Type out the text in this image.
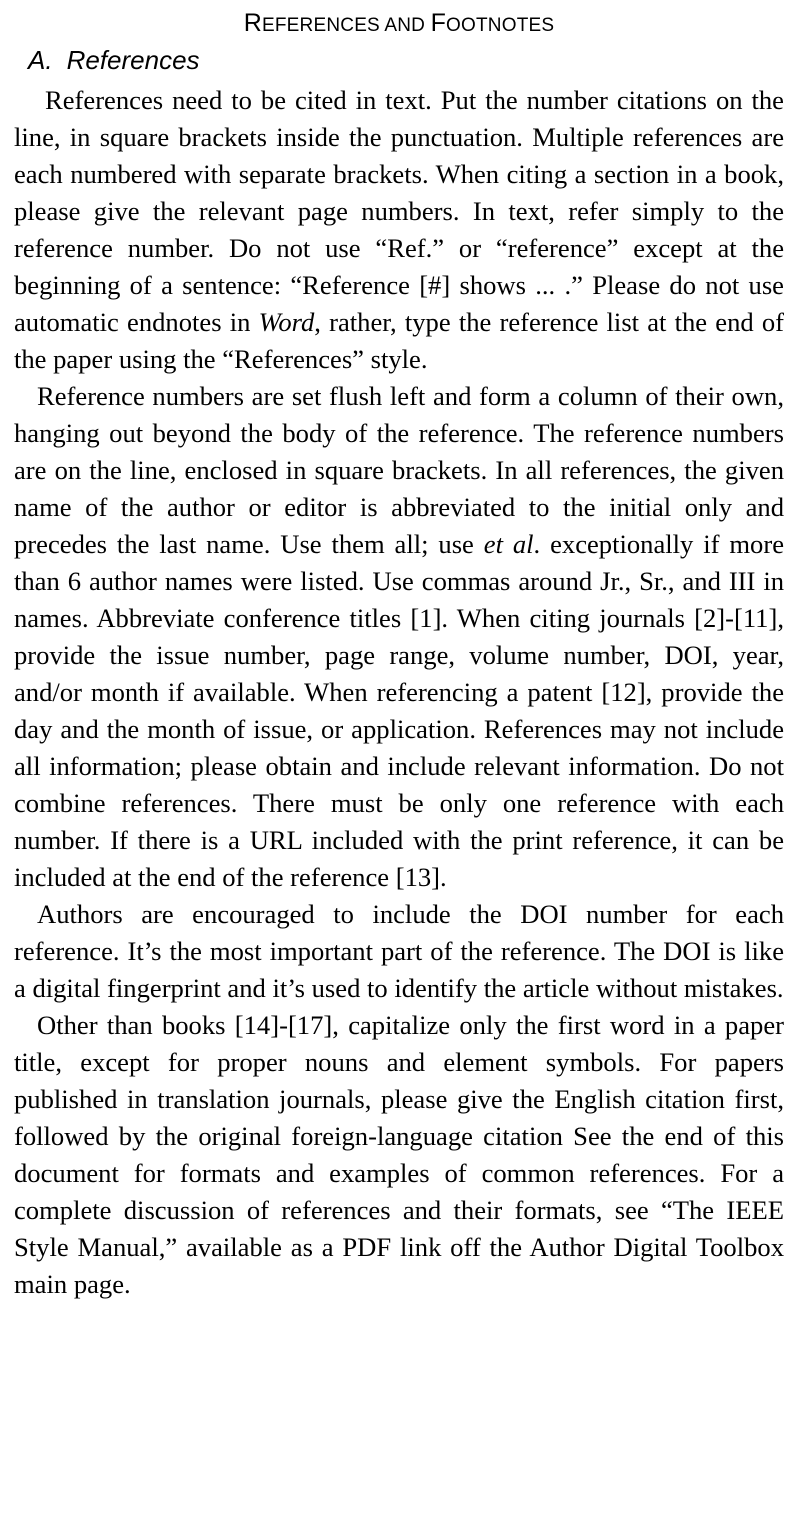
REFERENCES AND FOOTNOTES
A. References

References need to be cited in text. Put the number citations on the line, in square brackets inside the punctuation. Multiple references are each numbered with separate brackets. When citing a section in a book, please give the relevant page numbers. In text, refer simply to the reference number. Do not use “Ref.” or “reference” except at the beginning of a sentence: “Reference [#] shows ... .” Please do not use automatic endnotes in Word, rather, type the reference list at the end of the paper using the “References” style.

Reference numbers are set flush left and form a column of their own, hanging out beyond the body of the reference. The reference numbers are on the line, enclosed in square brackets. In all references, the given name of the author or editor is abbreviated to the initial only and precedes the last name. Use them all; use et al. exceptionally if more than 6 author names were listed. Use commas around Jr., Sr., and III in names. Abbreviate conference titles [1]. When citing journals [2]-[11], provide the issue number, page range, volume number, DOI, year, and/or month if available. When referencing a patent [12], provide the day and the month of issue, or application. References may not include all information; please obtain and include relevant information. Do not combine references. There must be only one reference with each number. If there is a URL included with the print reference, it can be included at the end of the reference [13].

Authors are encouraged to include the DOI number for each reference. It’s the most important part of the reference. The DOI is like a digital fingerprint and it’s used to identify the article without mistakes.

Other than books [14]-[17], capitalize only the first word in a paper title, except for proper nouns and element symbols. For papers published in translation journals, please give the English citation first, followed by the original foreign-language citation See the end of this document for formats and examples of common references. For a complete discussion of references and their formats, see “The IEEE Style Manual,” available as a PDF link off the Author Digital Toolbox main page.
